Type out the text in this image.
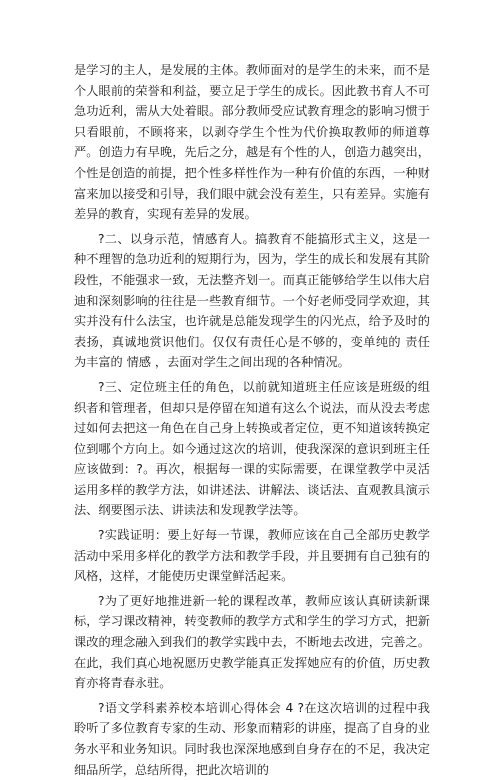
是学习的主人，是发展的主体。教师面对的是学生的未来，而不是个人眼前的荣誉和利益，要立足于学生的成长。因此教书育人不可急功近利，需从大处着眼。部分教师受应试教育理念的影响习惯于只看眼前，不顾将来，以剥夺学生个性为代价换取教师的师道尊严。创造力有早晚，先后之分，越是有个性的人，创造力越突出，个性是创造的前提，把个性多样性作为一种有价值的东西，一种财富来加以接受和引导，我们眼中就会没有差生，只有差异。实施有差异的教育，实现有差异的发展。

?二、以身示范，情感育人。搞教育不能搞形式主义，这是一种不理智的急功近利的短期行为，因为，学生的成长和发展有其阶段性，不能强求一致，无法整齐划一。而真正能够给学生以伟大启迪和深刻影响的往往是一些教育细节。一个好老师受同学欢迎，其实并没有什么法宝，也许就是总能发现学生的闪光点，给予及时的表扬，真诚地赏识他们。仅仅有责任心是不够的，变单纯的 责任 为丰富的 情感 ，去面对学生之间出现的各种情况。

?三、定位班主任的角色，以前就知道班主任应该是班级的组织者和管理者，但却只是停留在知道有这么个说法，而从没去考虑过如何去把这一角色在自己身上转换或者定位，更不知道该转换定位到哪个方向上。如今通过这次的培训，使我深深的意识到班主任应该做到：?。再次，根据每一课的实际需要，在课堂教学中灵活运用多样的教学方法，如讲述法、讲解法、谈话法、直观教具演示法、纲要图示法、讲读法和发现教学法等。

?实践证明：要上好每一节课，教师应该在自己全部历史教学活动中采用多样化的教学方法和教学手段，并且要拥有自己独有的风格，这样，才能使历史课堂鲜活起来。

?为了更好地推进新一轮的课程改革，教师应该认真研读新课标，学习课改精神，转变教师的教学方式和学生的学习方式，把新课改的理念融入到我们的教学实践中去，不断地去改进，完善之。在此，我们真心地祝愿历史教学能真正发挥她应有的价值，历史教育亦将青春永驻。

?语文学科素养校本培训心得体会 4 ?在这次培训的过程中我聆听了多位教育专家的生动、形象而精彩的讲座，提高了自身的业务水平和业务知识。同时我也深深地感到自身存在的不足，我决定细品所学，总结所得，把此次培训的
